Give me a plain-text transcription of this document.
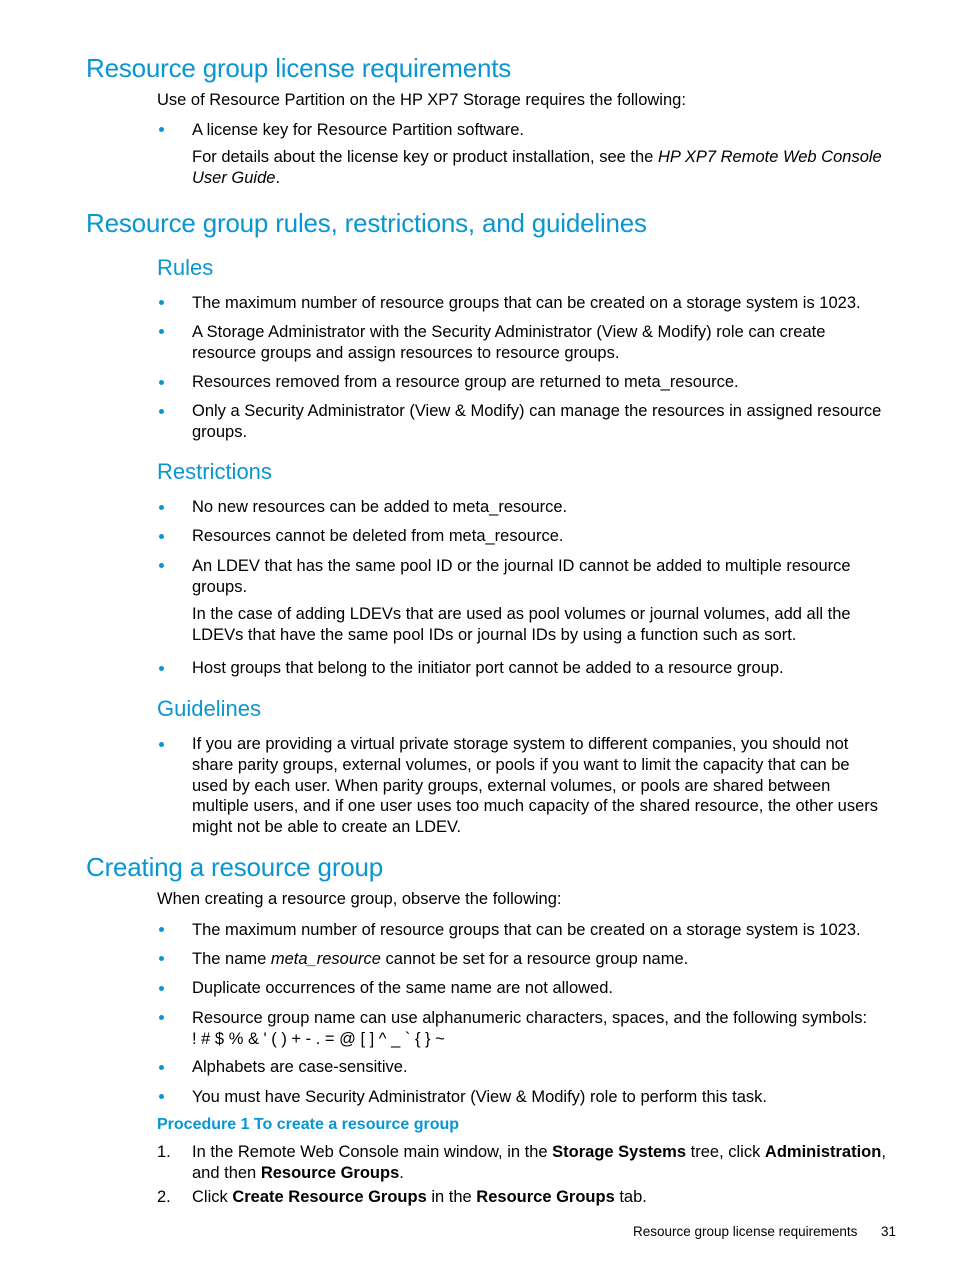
Resource group license requirements

Use of Resource Partition on the HP XP7 Storage requires the following:

A license key for Resource Partition software.

For details about the license key or product installation, see the HP XP7 Remote Web Console

User Guide.

Resource group rules, restrictions, and guidelines
Rules

The maximum number of resource groups that can be created on a storage system is 1023.

A Storage Administrator with the Security Administrator (View & Modify) role can create

resource groups and assign resources to resource groups.

Resources removed from a resource group are returned to meta_resource.

Only a Security Administrator (View & Modify) can manage the resources in assigned resource

groups.

Restrictions

No new resources can be added to meta_resource.

Resources cannot be deleted from meta_resource.

An LDEV that has the same pool ID or the journal ID cannot be added to multiple resource

groups.

In the case of adding LDEVs that are used as pool volumes or journal volumes, add all the

LDEVs that have the same pool IDs or journal IDs by using a function such as sort.

Host groups that belong to the initiator port cannot be added to a resource group.

Guidelines

If you are providing a virtual private storage system to different companies, you should not

share parity groups, external volumes, or pools if you want to limit the capacity that can be

used by each user. When parity groups, external volumes, or pools are shared between

multiple users, and if one user uses too much capacity of the shared resource, the other users

might not be able to create an LDEV.

Creating a resource group

When creating a resource group, observe the following:

The maximum number of resource groups that can be created on a storage system is 1023.

The name meta_resource cannot be set for a resource group name.

Duplicate occurrences of the same name are not allowed.

Resource group name can use alphanumeric characters, spaces, and the following symbols:

! # $ % & ' ( ) + - . = @ [ ] ^ _ ` { } ~

Alphabets are case-sensitive.

You must have Security Administrator (View & Modify) role to perform this task.

Procedure 1 To create a resource group

1. In the Remote Web Console main window, in the Storage Systems tree, click Administration,

and then Resource Groups.

2. Click Create Resource Groups in the Resource Groups tab.

Resource group license requirements 31
